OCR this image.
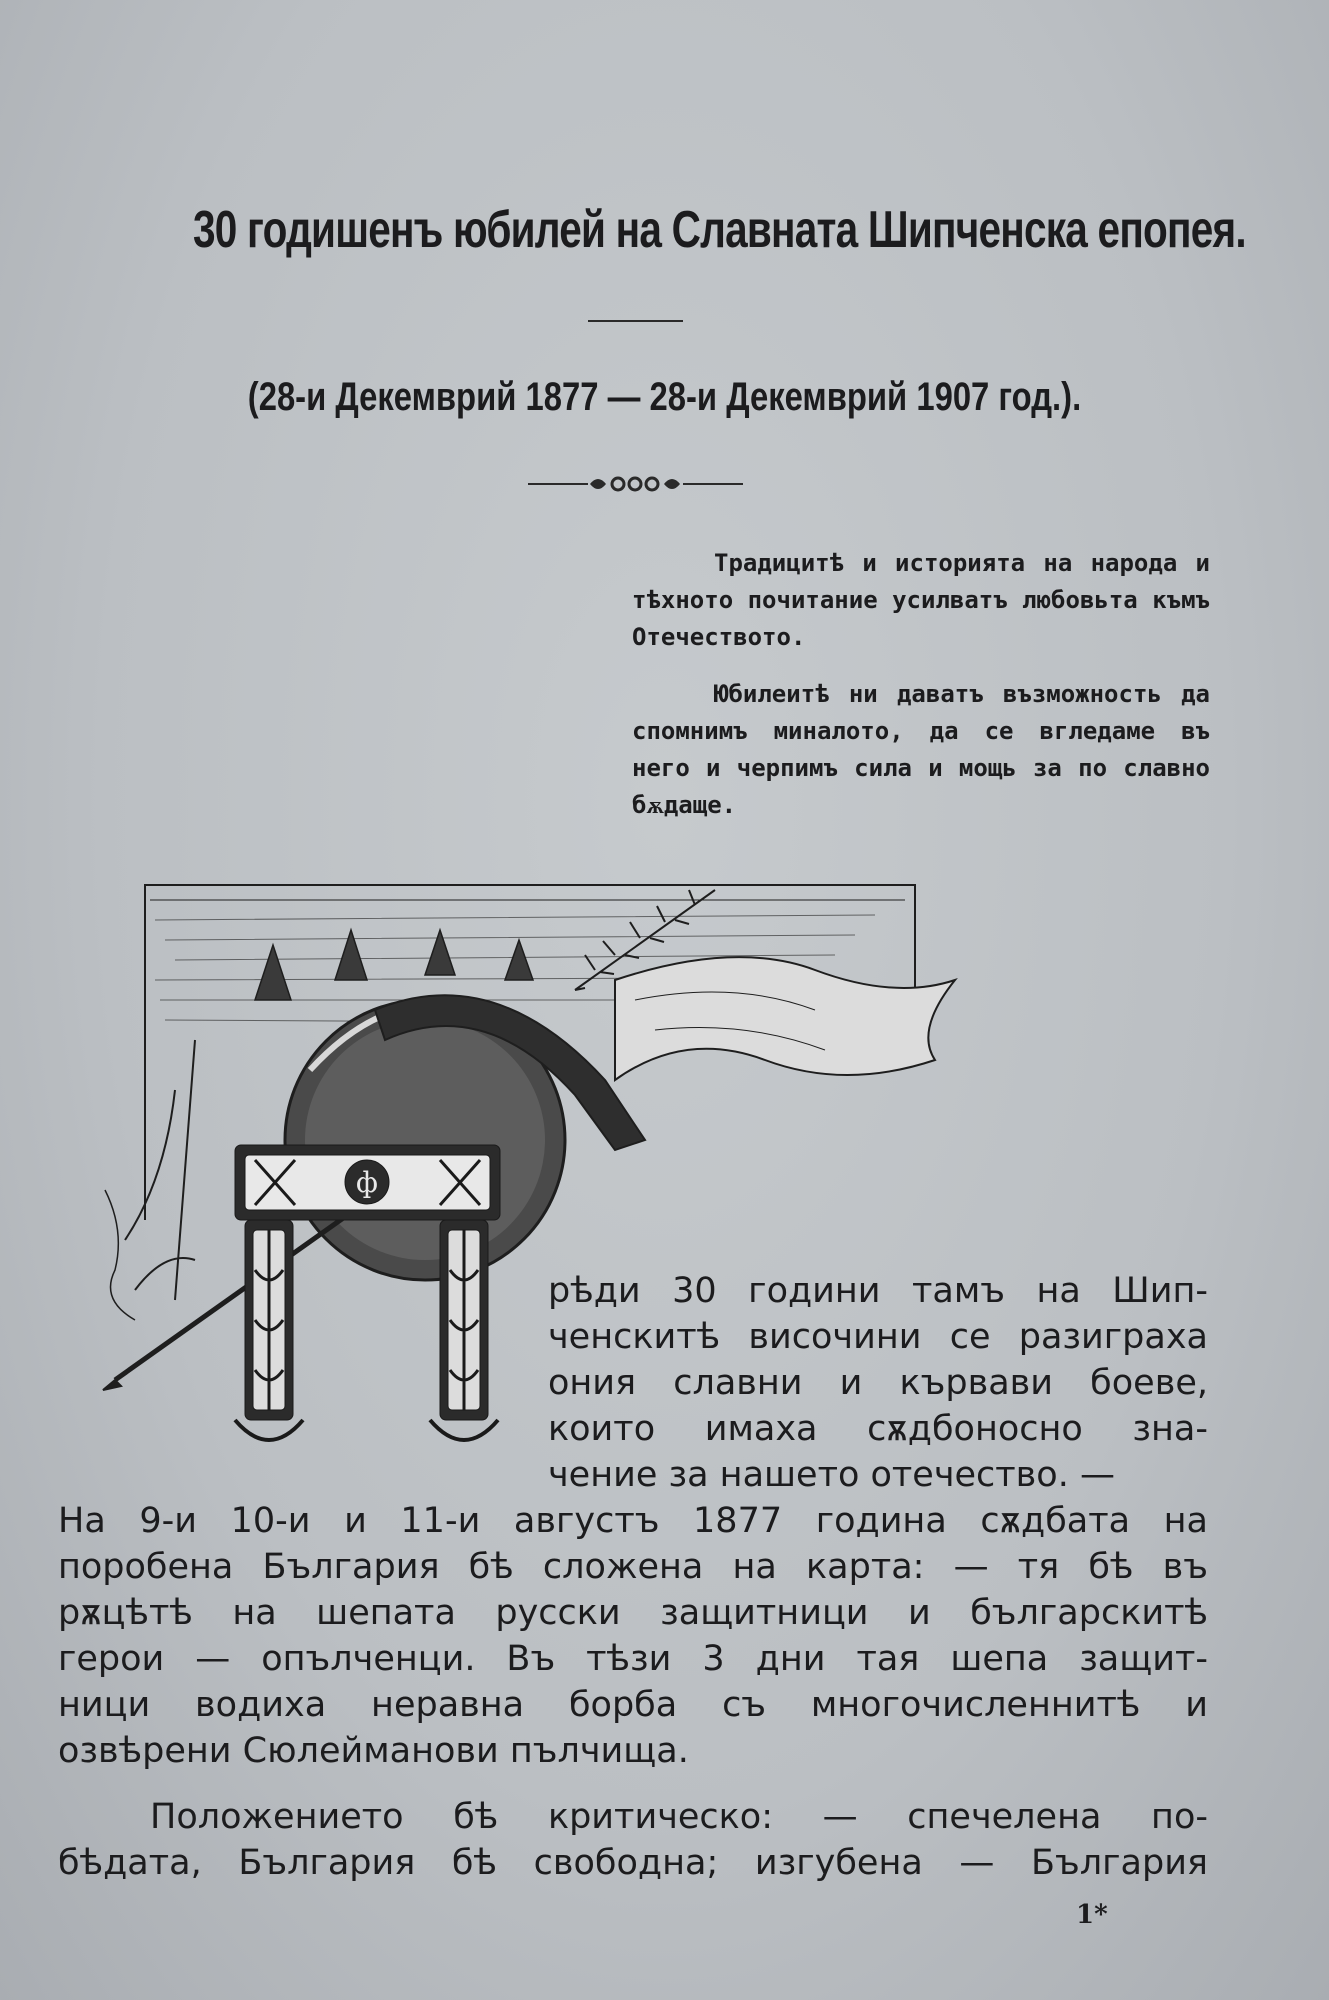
30 годишенъ юбилей на Славната Шипченска епопея.
(28-и Декемврий 1877 — 28-и Декемврий 1907 год.).

Традицитѣ и историята на народа и тѣхното почитание усилватъ любовьта къмъ Отечеството.

Юбилеитѣ ни даватъ възможность да спомнимъ миналото, да се вгледаме въ него и черпимъ сила и мощь за по славно бѫдаще.

ф
П
рѣди 30 години тамъ на Шип-
ченскитѣ височини се разиграха
ония славни и кървави боеве,
които имаха сѫдбоносно зна-
чение за нашето отечество. —
На 9-и 10-и и 11-и августъ 1877 година сѫдбата на
поробена България бѣ сложена на карта: — тя бѣ въ
рѫцѣтѣ на шепата русски защитници и българскитѣ
герои — опълченци. Въ тѣзи 3 дни тая шепа защит-
ници водиха неравна борба съ многочисленнитѣ и
озвѣрени Сюлейманови пълчища.
Положението бѣ критическо: — спечелена по-
бѣдата, България бѣ свободна; изгубена — България
1*
